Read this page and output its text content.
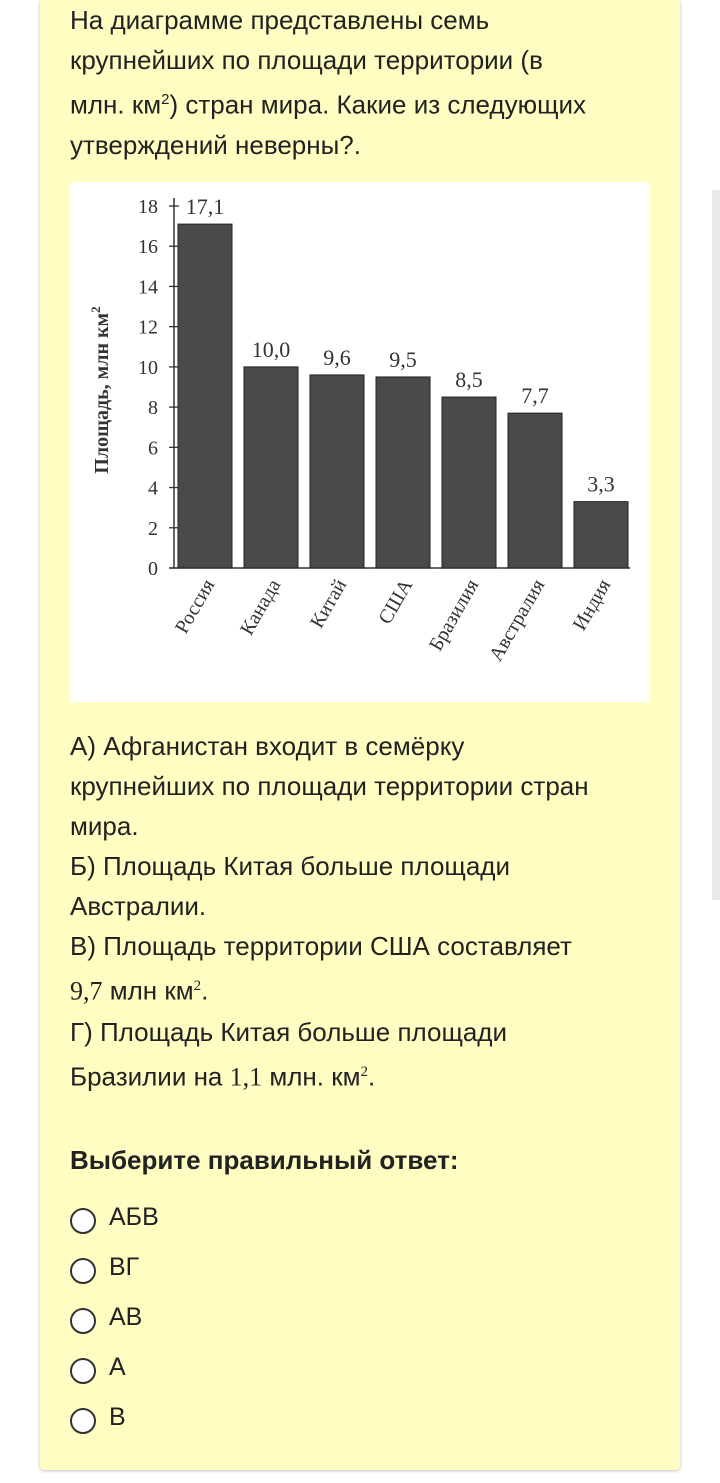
На диаграмме представлены семь
крупнейших по площади территории (в
млн. $км^2$) стран мира. Какие из следующих
утверждений неверны?.
0
2
4
6
8
10
12
14
16
18
Площадь, млн $км^2$
17,1
Россия
10,0
Канада
9,6
Китай
9,5
США
8,5
Бразилия
7,7
Австралия
3,3
Индия

А) Афганистан входит в семёрку
крупнейших по площади территории стран
мира.

Б) Площадь Китая больше площади
Австралии.

В) Площадь территории США составляет
9,7 млн $км^2$.

Г) Площадь Китая больше площади
Бразилии на 1,1 млн. $км^2$.

Выберите правильный ответ:
АБВ
ВГ
АВ
А
В
